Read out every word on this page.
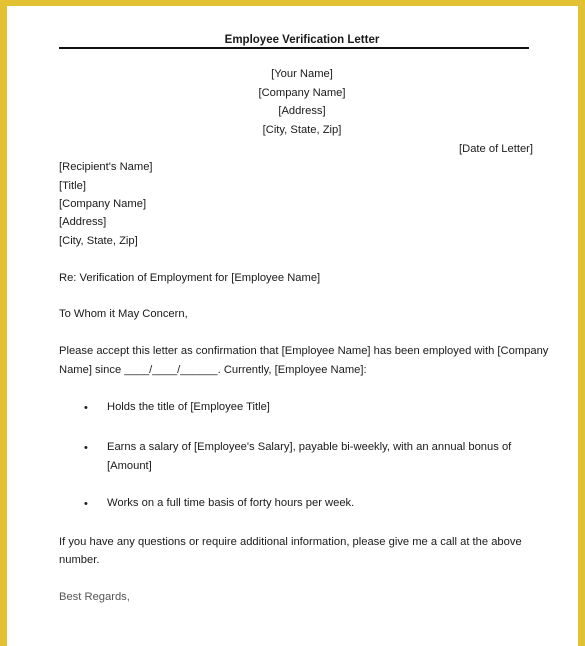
Employee Verification Letter
[Your Name]
[Company Name]
[Address]
[City, State, Zip]
[Date of Letter]
[Recipient's Name]
[Title]
[Company Name]
[Address]
[City, State, Zip]
Re: Verification of Employment for [Employee Name]
To Whom it May Concern,
Please accept this letter as confirmation that [Employee Name] has been employed with [Company
Name] since ____/____/______. Currently, [Employee Name]:
• Holds the title of [Employee Title]
• Earns a salary of [Employee's Salary], payable bi-weekly, with an annual bonus of
[Amount]
• Works on a full time basis of forty hours per week.
If you have any questions or require additional information, please give me a call at the above
number.
Best Regards,
